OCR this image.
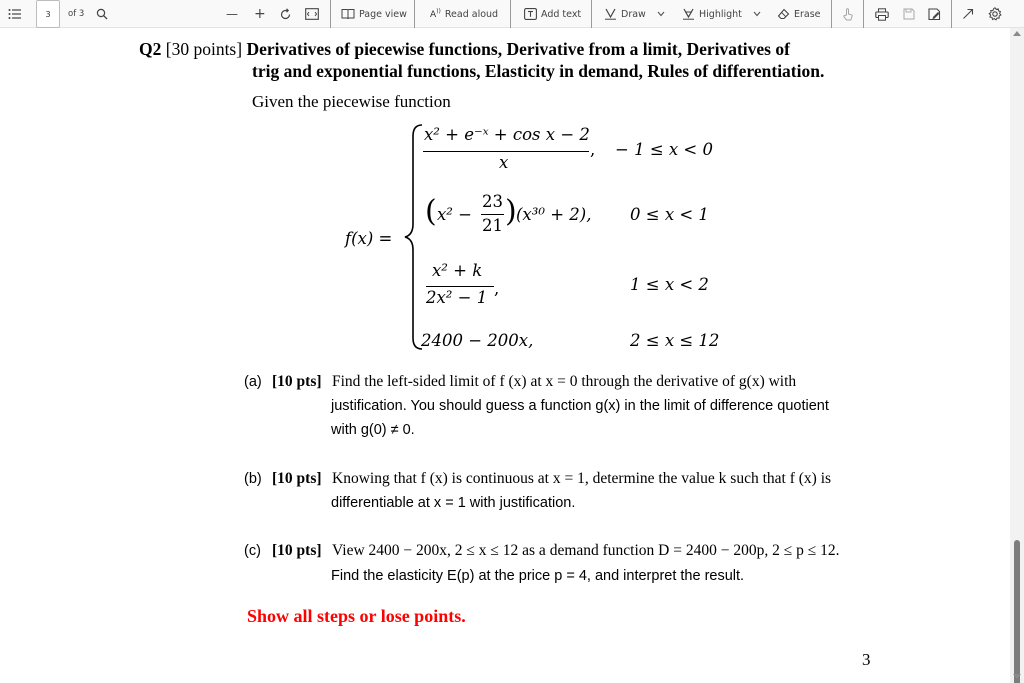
3 of 3	— +	Page view	A)) Read aloud	Add text	Draw	Highlight	Erase
Q2 [30 points] Derivatives of piecewise functions, Derivative from a limit, Derivatives of
trig and exponential functions, Elasticity in demand, Rules of differentiation.
Given the piecewise function
f(x) =
x² + e⁻ˣ + cos x − 2
x
, − 1 ≤ x < 0
( x² −
23
21 ) (x³⁰ + 2), 0 ≤ x < 1
x² + k
2x² − 1 ,	1 ≤ x < 2
2400 − 200x,	2 ≤ x ≤ 12
(a) [10 pts] Find the left-sided limit of f (x) at x = 0 through the derivative of g(x) with
justification. You should guess a function g(x) in the limit of difference quotient
with g(0) ≠ 0.
(b) [10 pts] Knowing that f (x) is continuous at x = 1, determine the value k such that f (x) is
differentiable at x = 1 with justification.
(c) [10 pts] View 2400 − 200x, 2 ≤ x ≤ 12 as a demand function D = 2400 − 200p, 2 ≤ p ≤ 12.
Find the elasticity E(p) at the price p = 4, and interpret the result.
Show all steps or lose points.
3
